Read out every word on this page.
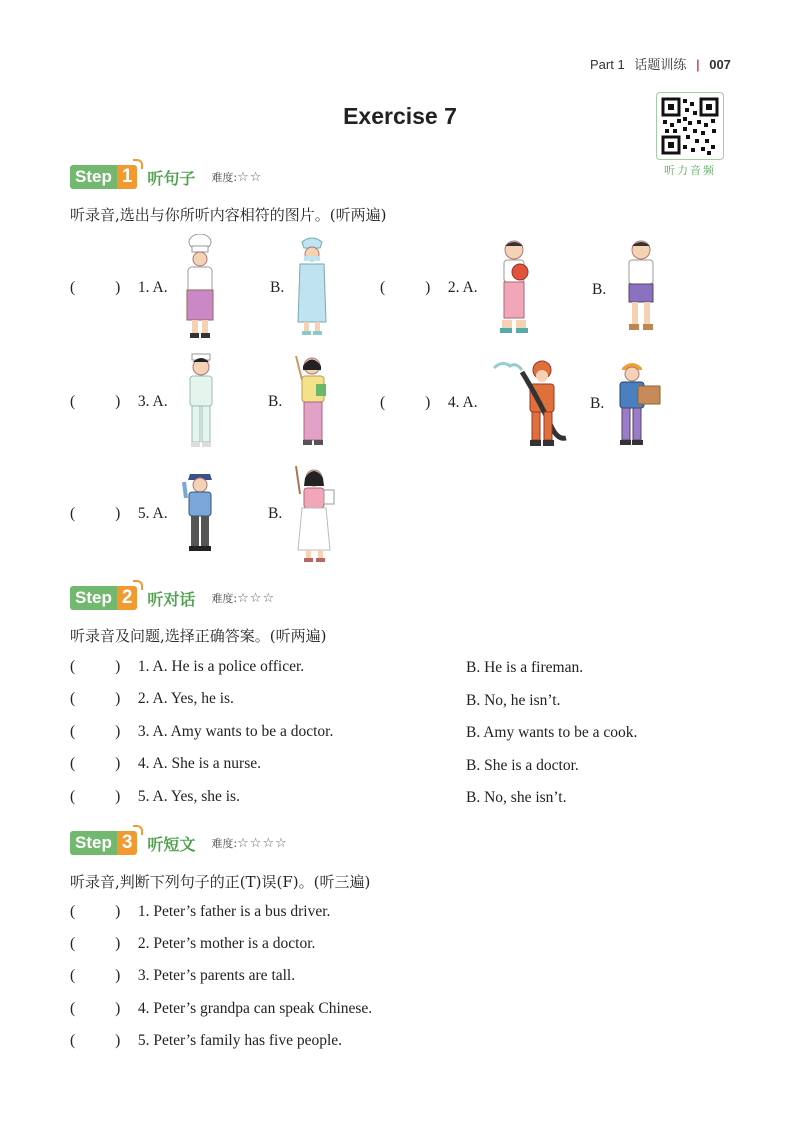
Part 1 话题训练 | 007
Exercise 7
听力音频
Step 1 听句子 难度: ☆☆
听录音,选出与你所听内容相符的图片。(听两遍)
(	) 1. A.	B.	(	) 2. A.	B.
(	) 3. A.	B.	(	) 4. A.	B.
(	) 5. A.	B.
Step 2 听对话 难度: ☆☆☆
听录音及问题,选择正确答案。(听两遍)
(	) 1. A. He is a police officer.	B. He is a fireman.
(	) 2. A. Yes, he is.	B. No, he isn’t.
(	) 3. A. Amy wants to be a doctor.	B. Amy wants to be a cook.
(	) 4. A. She is a nurse.	B. She is a doctor.
(	) 5. A. Yes, she is.	B. No, she isn’t.
Step 3 听短文 难度: ☆☆☆☆
听录音,判断下列句子的正(T)误(F)。(听三遍)
(	) 1. Peter’s father is a bus driver.
(	) 2. Peter’s mother is a doctor.
(	) 3. Peter’s parents are tall.
(	) 4. Peter’s grandpa can speak Chinese.
(	) 5. Peter’s family has five people.
